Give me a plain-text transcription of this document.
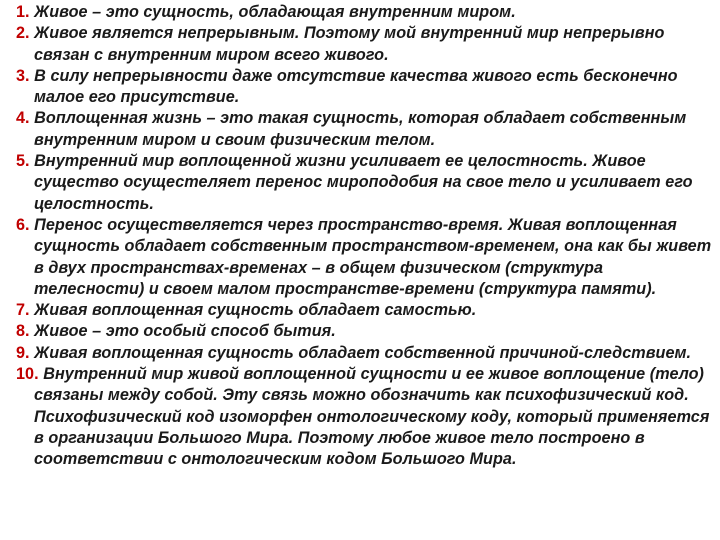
1. Живое – это сущность, обладающая внутренним миром.
2. Живое является непрерывным. Поэтому мой внутренний мир непрерывно связан с внутренним миром всего живого.
3. В силу непрерывности даже отсутствие качества живого есть бесконечно малое его присутствие.
4. Воплощенная жизнь – это такая сущность, которая обладает собственным внутренним миром и своим физическим телом.
5. Внутренний мир воплощенной жизни усиливает ее целостность. Живое существо осущестеляет перенос мироподобия на свое тело и усиливает его целостность.
6. Перенос осуществеляется через пространство-время. Живая воплощенная сущность обладает собственным пространством-временем, она как бы живет в двух пространствах-временах – в общем физическом (структура телесности) и своем малом пространстве-времени (структура памяти).
7. Живая воплощенная сущность обладает самостью.
8. Живое – это особый способ бытия.
9. Живая воплощенная сущность обладает собственной причиной-следствием.
10. Внутренний мир живой воплощенной сущности и ее живое воплощение (тело) связаны между собой. Эту связь можно обозначить как психофизический код. Психофизический код изоморфен онтологическому коду, который применяется в организации Большого Мира. Поэтому любое живое тело построено в соответствии с онтологическим кодом Большого Мира.
